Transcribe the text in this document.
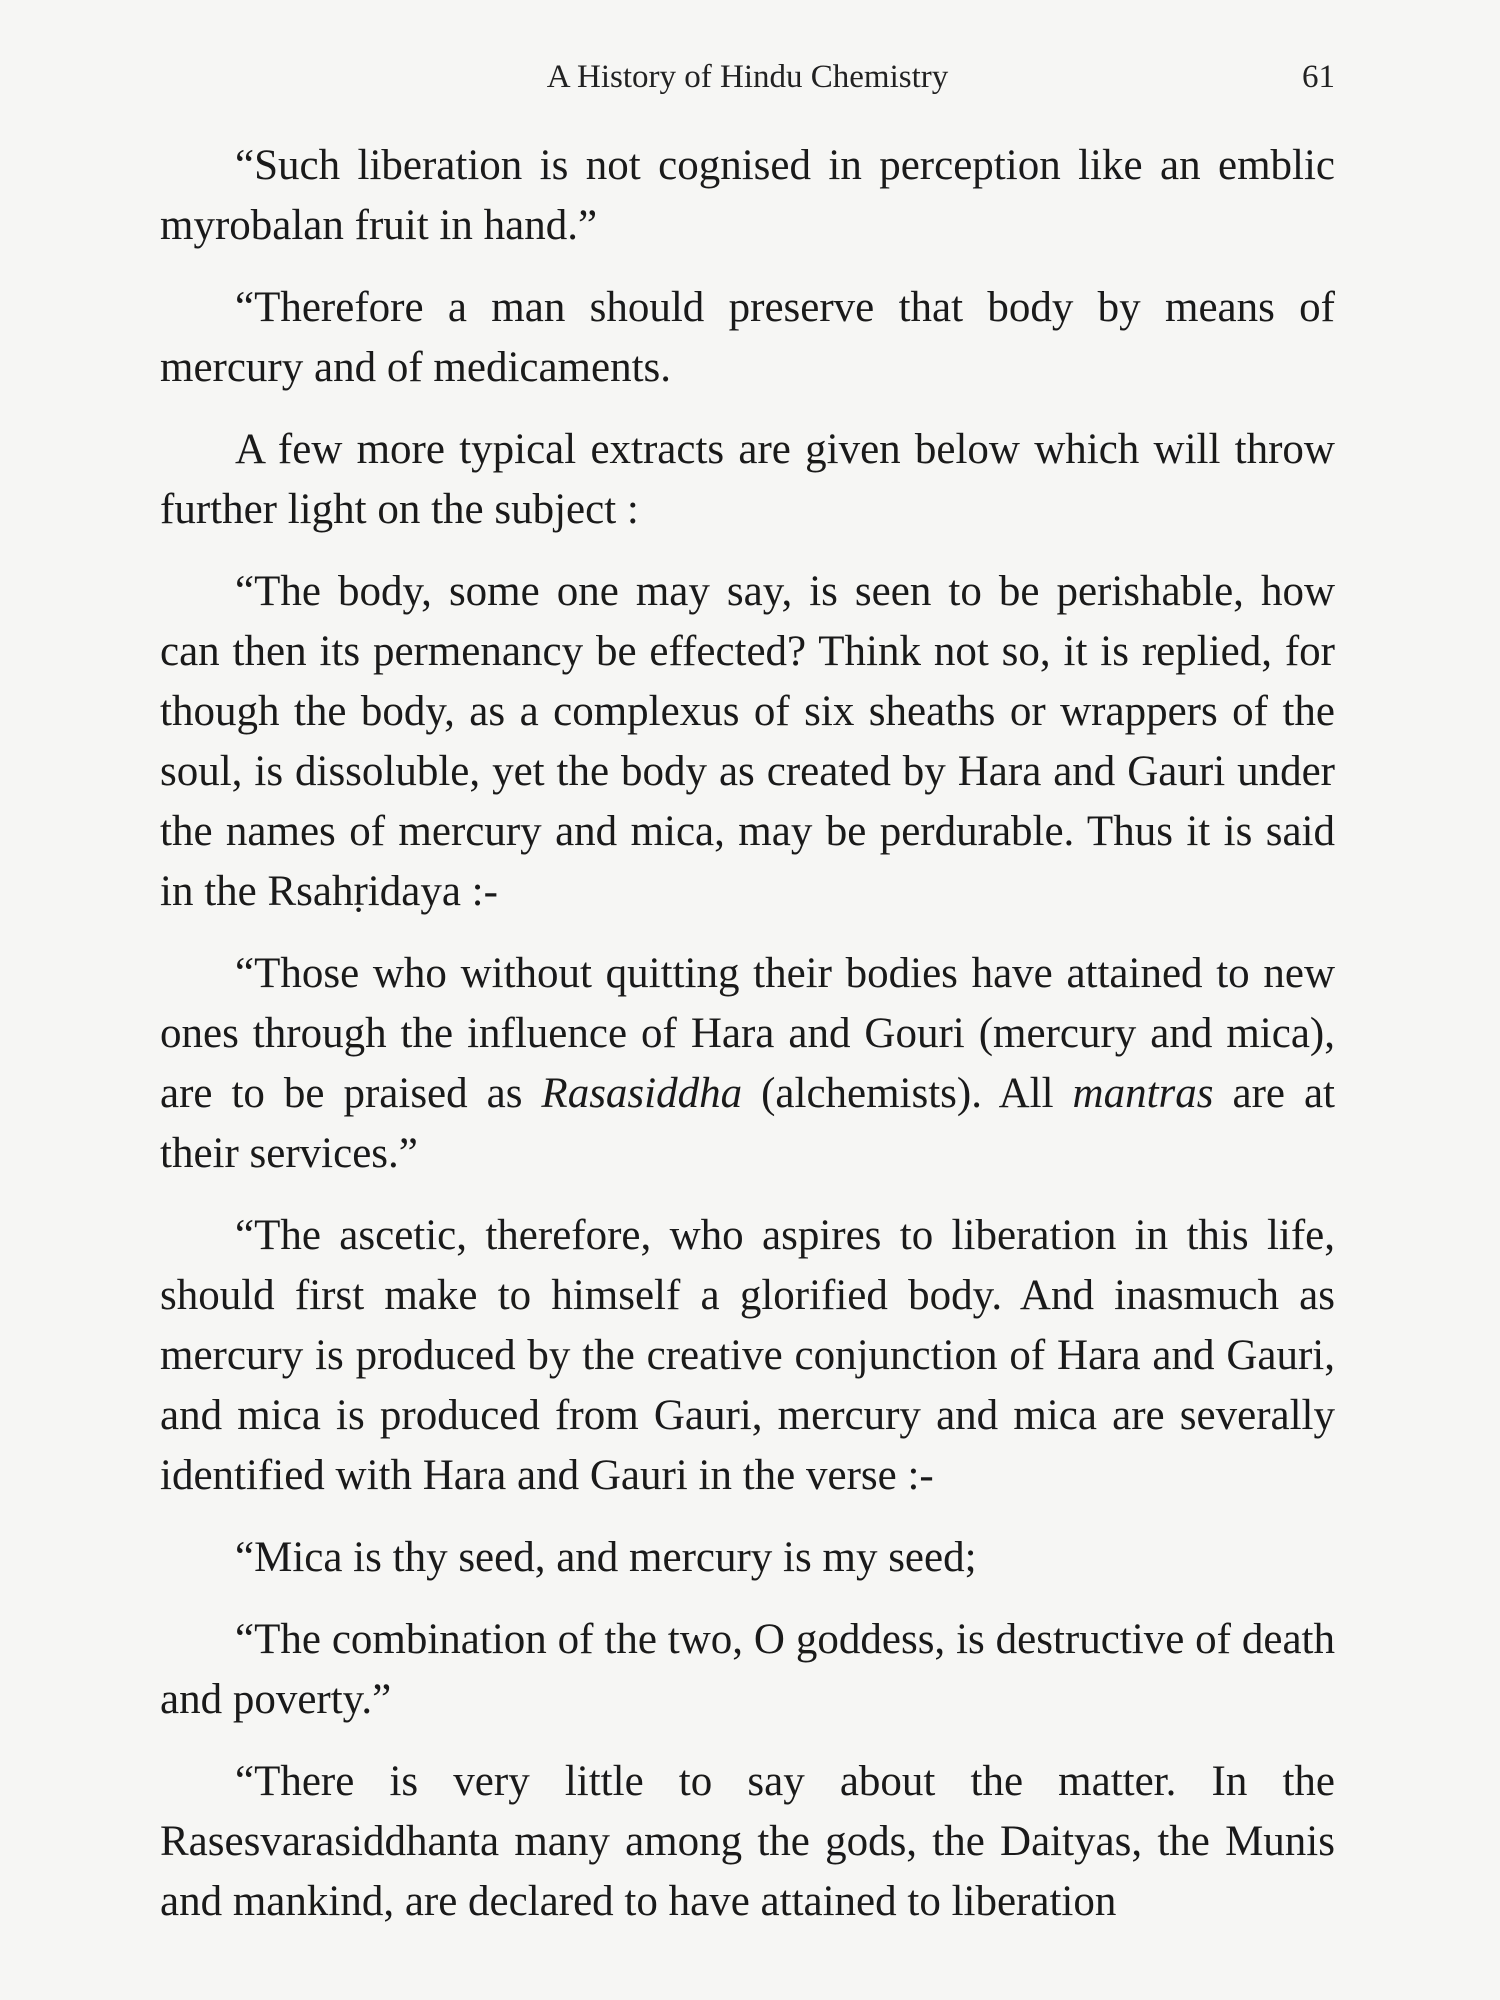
A History of Hindu Chemistry	61

“Such liberation is not cognised in perception like an emblic myrobalan fruit in hand.”

“Therefore a man should preserve that body by means of mercury and of medicaments.

A few more typical extracts are given below which will throw further light on the subject :

“The body, some one may say, is seen to be perishable, how can then its permenancy be effected? Think not so, it is replied, for though the body, as a complexus of six sheaths or wrappers of the soul, is dissoluble, yet the body as created by Hara and Gauri under the names of mercury and mica, may be perdurable. Thus it is said in the Rsahṛidaya :-

“Those who without quitting their bodies have attained to new ones through the influence of Hara and Gouri (mercury and mica), are to be praised as Rasasiddha (alchemists). All mantras are at their services.”

“The ascetic, therefore, who aspires to liberation in this life, should first make to himself a glorified body. And inasmuch as mercury is produced by the creative conjunction of Hara and Gauri, and mica is produced from Gauri, mercury and mica are severally identified with Hara and Gauri in the verse :-

“Mica is thy seed, and mercury is my seed;

“The combination of the two, O goddess, is destructive of death and poverty.”

“There is very little to say about the matter. In the Rasesvarasiddhanta many among the gods, the Daityas, the Munis and mankind, are declared to have attained to liberation
